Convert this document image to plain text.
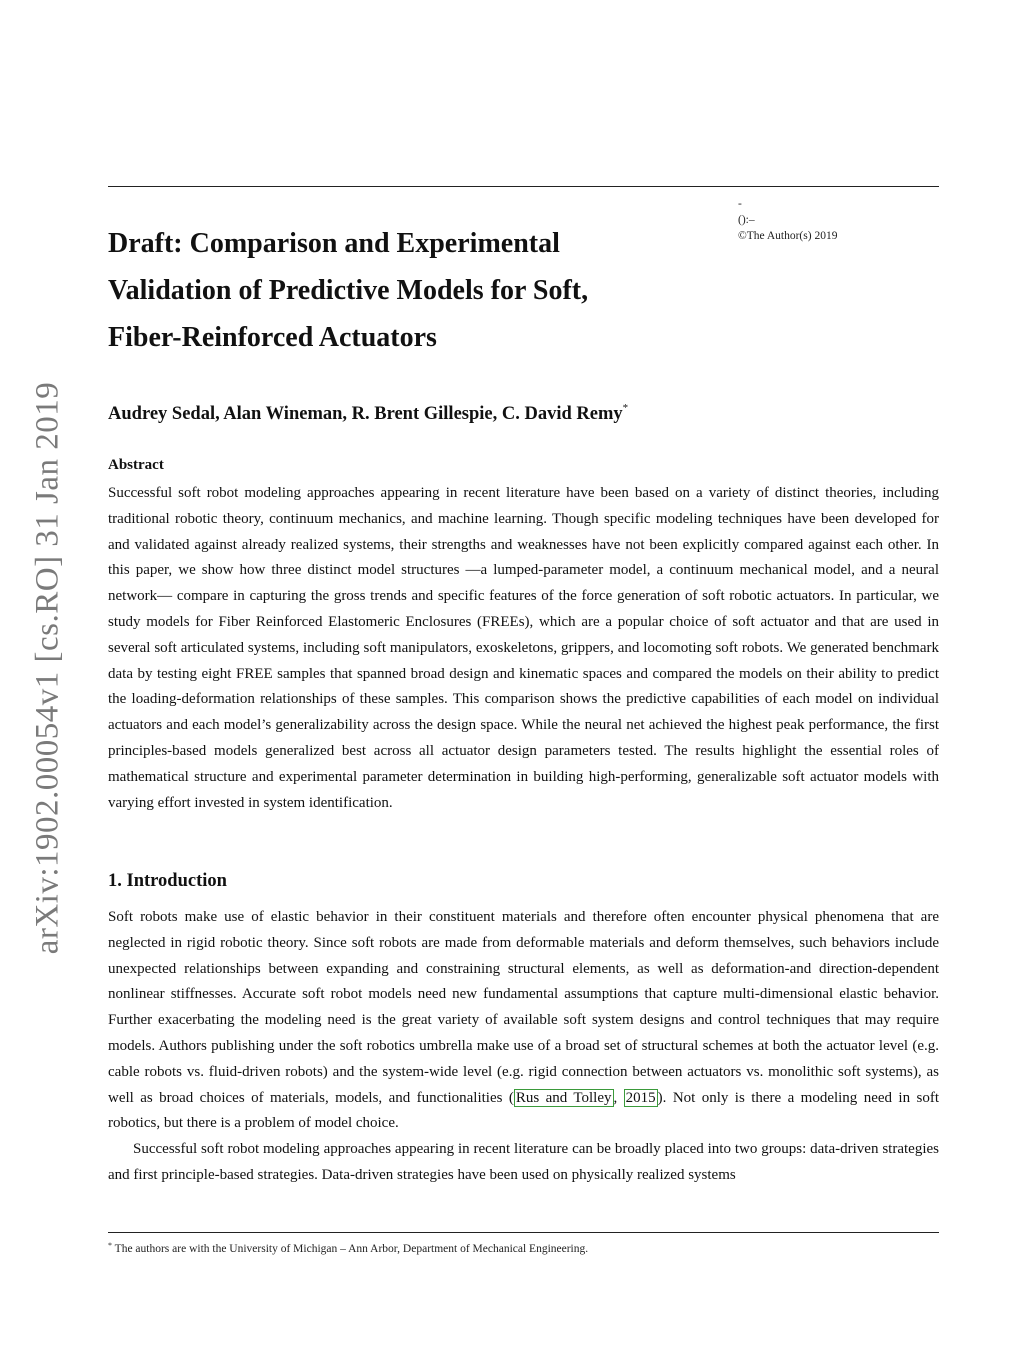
arXiv:1902.00054v1 [cs.RO] 31 Jan 2019
-
():–
©The Author(s) 2019
Draft: Comparison and Experimental
Validation of Predictive Models for Soft,
Fiber-Reinforced Actuators
Audrey Sedal, Alan Wineman, R. Brent Gillespie, C. David Remy*
Abstract

Successful soft robot modeling approaches appearing in recent literature have been based on a variety of distinct theories, including traditional robotic theory, continuum mechanics, and machine learning. Though specific modeling techniques have been developed for and validated against already realized systems, their strengths and weaknesses have not been explicitly compared against each other. In this paper, we show how three distinct model structures —a lumped-parameter model, a continuum mechanical model, and a neural network— compare in capturing the gross trends and specific features of the force generation of soft robotic actuators. In particular, we study models for Fiber Reinforced Elastomeric Enclosures (FREEs), which are a popular choice of soft actuator and that are used in several soft articulated systems, including soft manipulators, exoskeletons, grippers, and locomoting soft robots. We generated benchmark data by testing eight FREE samples that spanned broad design and kinematic spaces and compared the models on their ability to predict the loading-deformation relationships of these samples. This comparison shows the predictive capabilities of each model on individual actuators and each model’s generalizability across the design space. While the neural net achieved the highest peak performance, the first principles-based models generalized best across all actuator design parameters tested. The results highlight the essential roles of mathematical structure and experimental parameter determination in building high-performing, generalizable soft actuator models with varying effort invested in system identification.

1. Introduction

Soft robots make use of elastic behavior in their constituent materials and therefore often encounter physical phenomena that are neglected in rigid robotic theory. Since soft robots are made from deformable materials and deform themselves, such behaviors include unexpected relationships between expanding and constraining structural elements, as well as deformation-and direction-dependent nonlinear stiffnesses. Accurate soft robot models need new fundamental assumptions that capture multi-dimensional elastic behavior. Further exacerbating the modeling need is the great variety of available soft system designs and control techniques that may require models. Authors publishing under the soft robotics umbrella make use of a broad set of structural schemes at both the actuator level (e.g. cable robots vs. fluid-driven robots) and the system-wide level (e.g. rigid connection between actuators vs. monolithic soft systems), as well as broad choices of materials, models, and functionalities ( Rus and Tolley , 2015 ). Not only is there a modeling need in soft robotics, but there is a problem of model choice.

Successful soft robot modeling approaches appearing in recent literature can be broadly placed into two groups: data-driven strategies and first principle-based strategies. Data-driven strategies have been used on physically realized systems

* The authors are with the University of Michigan – Ann Arbor, Department of Mechanical Engineering.
